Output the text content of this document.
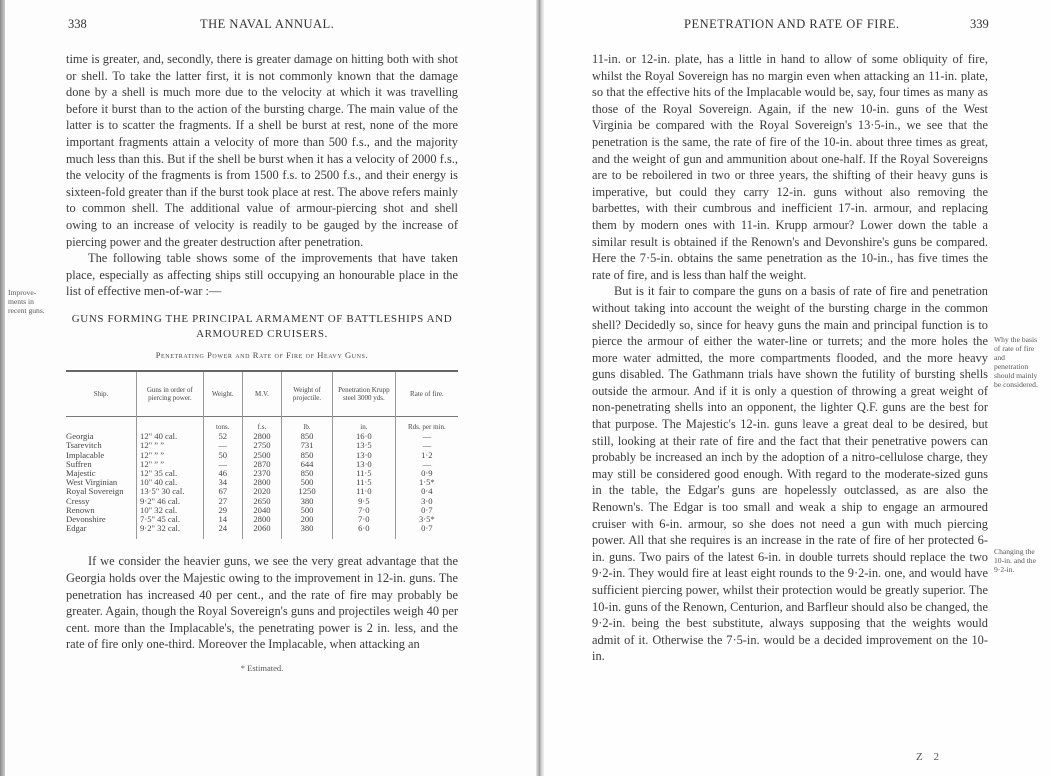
338	THE NAVAL ANNUAL.

time is greater, and, secondly, there is greater damage on hitting both with shot or shell. To take the latter first, it is not commonly known that the damage done by a shell is much more due to the velocity at which it was travelling before it burst than to the action of the bursting charge. The main value of the latter is to scatter the fragments. If a shell be burst at rest, none of the more important fragments attain a velocity of more than 500 f.s., and the majority much less than this. But if the shell be burst when it has a velocity of 2000 f.s., the velocity of the fragments is from 1500 f.s. to 2500 f.s., and their energy is sixteen-fold greater than if the burst took place at rest. The above refers mainly to common shell. The additional value of armour-piercing shot and shell owing to an increase of velocity is readily to be gauged by the increase of piercing power and the greater destruction after penetration.

The following table shows some of the improvements that have taken place, especially as affecting ships still occupying an honourable place in the list of effective men-of-war :—

GUNS FORMING THE PRINCIPAL ARMAMENT OF BATTLESHIPS AND
ARMOURED CRUISERS.
Penetrating Power and Rate of Fire of Heavy Guns.
Ship.	Guns in order of piercing power.	Weight.	M.V.	Weight of projectile.	Penetration Krupp steel 3000 yds.	Rate of fire.
		tons.	f.s.	lb.	in.	Rds. per min.
Georgia	12" 40 cal.	52	2800	850	16·0	—
Tsarevitch	12" ” ”	—	2750	731	13·5	—
Implacable	12" ” ”	50	2500	850	13·0	1·2
Suffren	12" ” ”	—	2870	644	13·0	—
Majestic	12" 35 cal.	46	2370	850	11·5	0·9
West Virginian	10" 40 cal.	34	2800	500	11·5	1·5*
Royal Sovereign	13·5" 30 cal.	67	2020	1250	11·0	0·4
Cressy	9·2" 46 cal.	27	2650	380	9·5	3·0
Renown	10" 32 cal.	29	2040	500	7·0	0·7
Devonshire	7·5" 45 cal.	14	2800	200	7·0	3·5*
Edgar	9·2" 32 cal.	24	2060	380	6·0	0·7

If we consider the heavier guns, we see the very great advantage that the Georgia holds over the Majestic owing to the improvement in 12-in. guns. The penetration has increased 40 per cent., and the rate of fire may probably be greater. Again, though the Royal Sovereign's guns and projectiles weigh 40 per cent. more than the Implacable's, the penetrating power is 2 in. less, and the rate of fire only one-third. Moreover the Implacable, when attacking an

* Estimated.
Improve-ments in recent guns.
PENETRATION AND RATE OF FIRE.	339

11-in. or 12-in. plate, has a little in hand to allow of some obliquity of fire, whilst the Royal Sovereign has no margin even when attacking an 11-in. plate, so that the effective hits of the Implacable would be, say, four times as many as those of the Royal Sovereign. Again, if the new 10-in. guns of the West Virginia be compared with the Royal Sovereign's 13·5-in., we see that the penetration is the same, the rate of fire of the 10-in. about three times as great, and the weight of gun and ammunition about one-half. If the Royal Sovereigns are to be reboilered in two or three years, the shifting of their heavy guns is imperative, but could they carry 12-in. guns without also removing the barbettes, with their cumbrous and inefficient 17-in. armour, and replacing them by modern ones with 11-in. Krupp armour? Lower down the table a similar result is obtained if the Renown's and Devonshire's guns be compared. Here the 7·5-in. obtains the same penetration as the 10-in., has five times the rate of fire, and is less than half the weight.

But is it fair to compare the guns on a basis of rate of fire and penetration without taking into account the weight of the bursting charge in the common shell? Decidedly so, since for heavy guns the main and principal function is to pierce the armour of either the water-line or turrets; and the more holes the more water admitted, the more compartments flooded, and the more heavy guns disabled. The Gathmann trials have shown the futility of bursting shells outside the armour. And if it is only a question of throwing a great weight of non-penetrating shells into an opponent, the lighter Q.F. guns are the best for that purpose. The Majestic's 12-in. guns leave a great deal to be desired, but still, looking at their rate of fire and the fact that their penetrative powers can probably be increased an inch by the adoption of a nitro-cellulose charge, they may still be considered good enough. With regard to the moderate-sized guns in the table, the Edgar's guns are hopelessly outclassed, as are also the Renown's. The Edgar is too small and weak a ship to engage an armoured cruiser with 6-in. armour, so she does not need a gun with much piercing power. All that she requires is an increase in the rate of fire of her protected 6-in. guns. Two pairs of the latest 6-in. in double turrets should replace the two 9·2-in. They would fire at least eight rounds to the 9·2-in. one, and would have sufficient piercing power, whilst their protection would be greatly superior. The 10-in. guns of the Renown, Centurion, and Barfleur should also be changed, the 9·2-in. being the best substitute, always supposing that the weights would admit of it. Otherwise the 7·5-in. would be a decided improvement on the 10-in.

Why the basis of rate of fire and penetration should mainly be considered.
Changing the 10-in. and the 9·2-in.
Z 2
